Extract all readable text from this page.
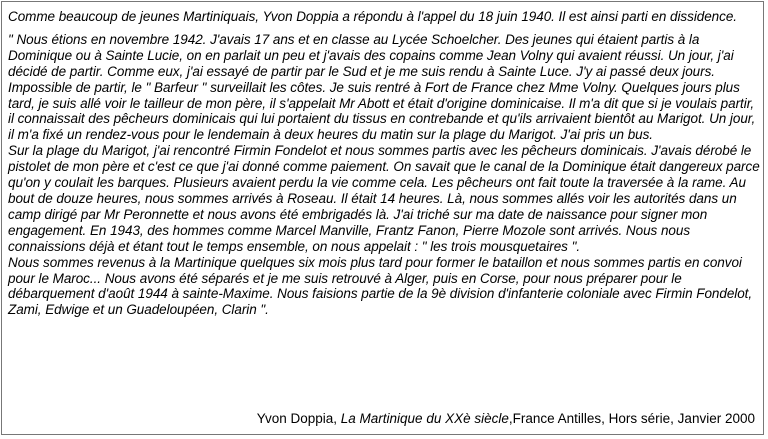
Comme beaucoup de jeunes Martiniquais, Yvon Doppia a répondu à l'appel du 18 juin 1940. Il est ainsi parti en dissidence.

" Nous étions en novembre 1942. J'avais 17 ans et en classe au Lycée Schoelcher. Des jeunes qui étaient partis à la Dominique ou à Sainte Lucie, on en parlait un peu et j'avais des copains comme Jean Volny qui avaient réussi. Un jour, j'ai décidé de partir. Comme eux, j'ai essayé de partir par le Sud et je me suis rendu à Sainte Luce. J'y ai passé deux jours. Impossible de partir, le " Barfeur " surveillait les côtes. Je suis rentré à Fort de France chez Mme Volny. Quelques jours plus tard, je suis allé voir le tailleur de mon père, il s'appelait Mr Abott et était d'origine dominicaise. Il m'a dit que si je voulais partir, il connaissait des pêcheurs dominicais qui lui portaient du tissus en contrebande et qu'ils arrivaient bientôt au Marigot. Un jour, il m'a fixé un rendez-vous pour le lendemain à deux heures du matin sur la plage du Marigot. J'ai pris un bus.

Sur la plage du Marigot, j'ai rencontré Firmin Fondelot et nous sommes partis avec les pêcheurs dominicais. J'avais dérobé le pistolet de mon père et c'est ce que j'ai donné comme paiement. On savait que le canal de la Dominique était dangereux parce qu'on y coulait les barques. Plusieurs avaient perdu la vie comme cela. Les pêcheurs ont fait toute la traversée à la rame. Au bout de douze heures, nous sommes arrivés à Roseau. Il était 14 heures. Là, nous sommes allés voir les autorités dans un camp dirigé par Mr Peronnette et nous avons été embrigadés là. J'ai triché sur ma date de naissance pour signer mon engagement. En 1943, des hommes comme Marcel Manville, Frantz Fanon, Pierre Mozole sont arrivés. Nous nous connaissions déjà et étant tout le temps ensemble, on nous appelait : " les trois mousquetaires ".

Nous sommes revenus à la Martinique quelques six mois plus tard pour former le bataillon et nous sommes partis en convoi pour le Maroc... Nous avons été séparés et je me suis retrouvé à Alger, puis en Corse, pour nous préparer pour le débarquement d'août 1944 à sainte-Maxime. Nous faisions partie de la 9è division d'infanterie coloniale avec Firmin Fondelot, Zami, Edwige et un Guadeloupéen, Clarin ".

Yvon Doppia, La Martinique du XXè siècle,France Antilles, Hors série, Janvier 2000
